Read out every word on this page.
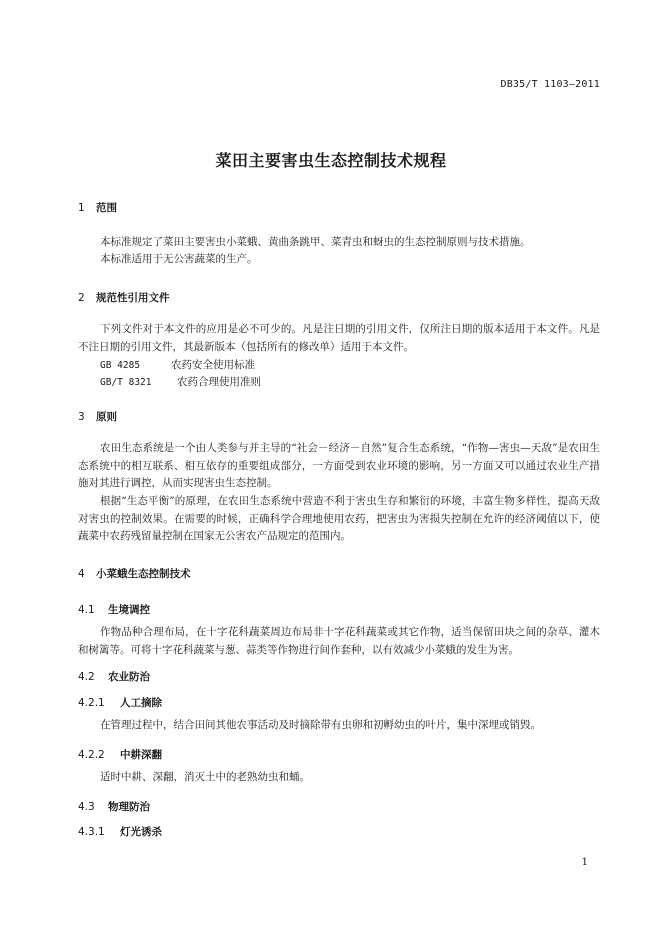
DB35/T 1103—2011
菜田主要害虫生态控制技术规程
1 范围
本标准规定了菜田主要害虫小菜蛾、黄曲条跳甲、菜青虫和蚜虫的生态控制原则与技术措施。
本标准适用于无公害蔬菜的生产。
2 规范性引用文件
下列文件对于本文件的应用是必不可少的。凡是注日期的引用文件，仅所注日期的版本适用于本文件。凡是不注日期的引用文件，其最新版本（包括所有的修改单）适用于本文件。
GB 4285	农药安全使用标准
GB/T 8321 农药合理使用准则
3 原则
农田生态系统是一个由人类参与并主导的“社会－经济－自然”复合生态系统，“作物—害虫—天敌”是农田生态系统中的相互联系、相互依存的重要组成部分，一方面受到农业环境的影响，另一方面又可以通过农业生产措施对其进行调控，从而实现害虫生态控制。
根据“生态平衡”的原理，在农田生态系统中营造不利于害虫生存和繁衍的环境，丰富生物多样性，提高天敌对害虫的控制效果。在需要的时候，正确科学合理地使用农药，把害虫为害损失控制在允许的经济阈值以下，使蔬菜中农药残留量控制在国家无公害农产品规定的范围内。
4 小菜蛾生态控制技术
4.1 生境调控
作物品种合理布局，在十字花科蔬菜周边布局非十字花科蔬菜或其它作物，适当保留田块之间的杂草、灌木和树篱等。可将十字花科蔬菜与葱、蒜类等作物进行间作套种，以有效减少小菜蛾的发生为害。
4.2 农业防治
4.2.1 人工摘除
在管理过程中，结合田间其他农事活动及时摘除带有虫卵和初孵幼虫的叶片，集中深埋或销毁。
4.2.2 中耕深翻
适时中耕、深翻，消灭土中的老熟幼虫和蛹。
4.3 物理防治
4.3.1 灯光诱杀
1
